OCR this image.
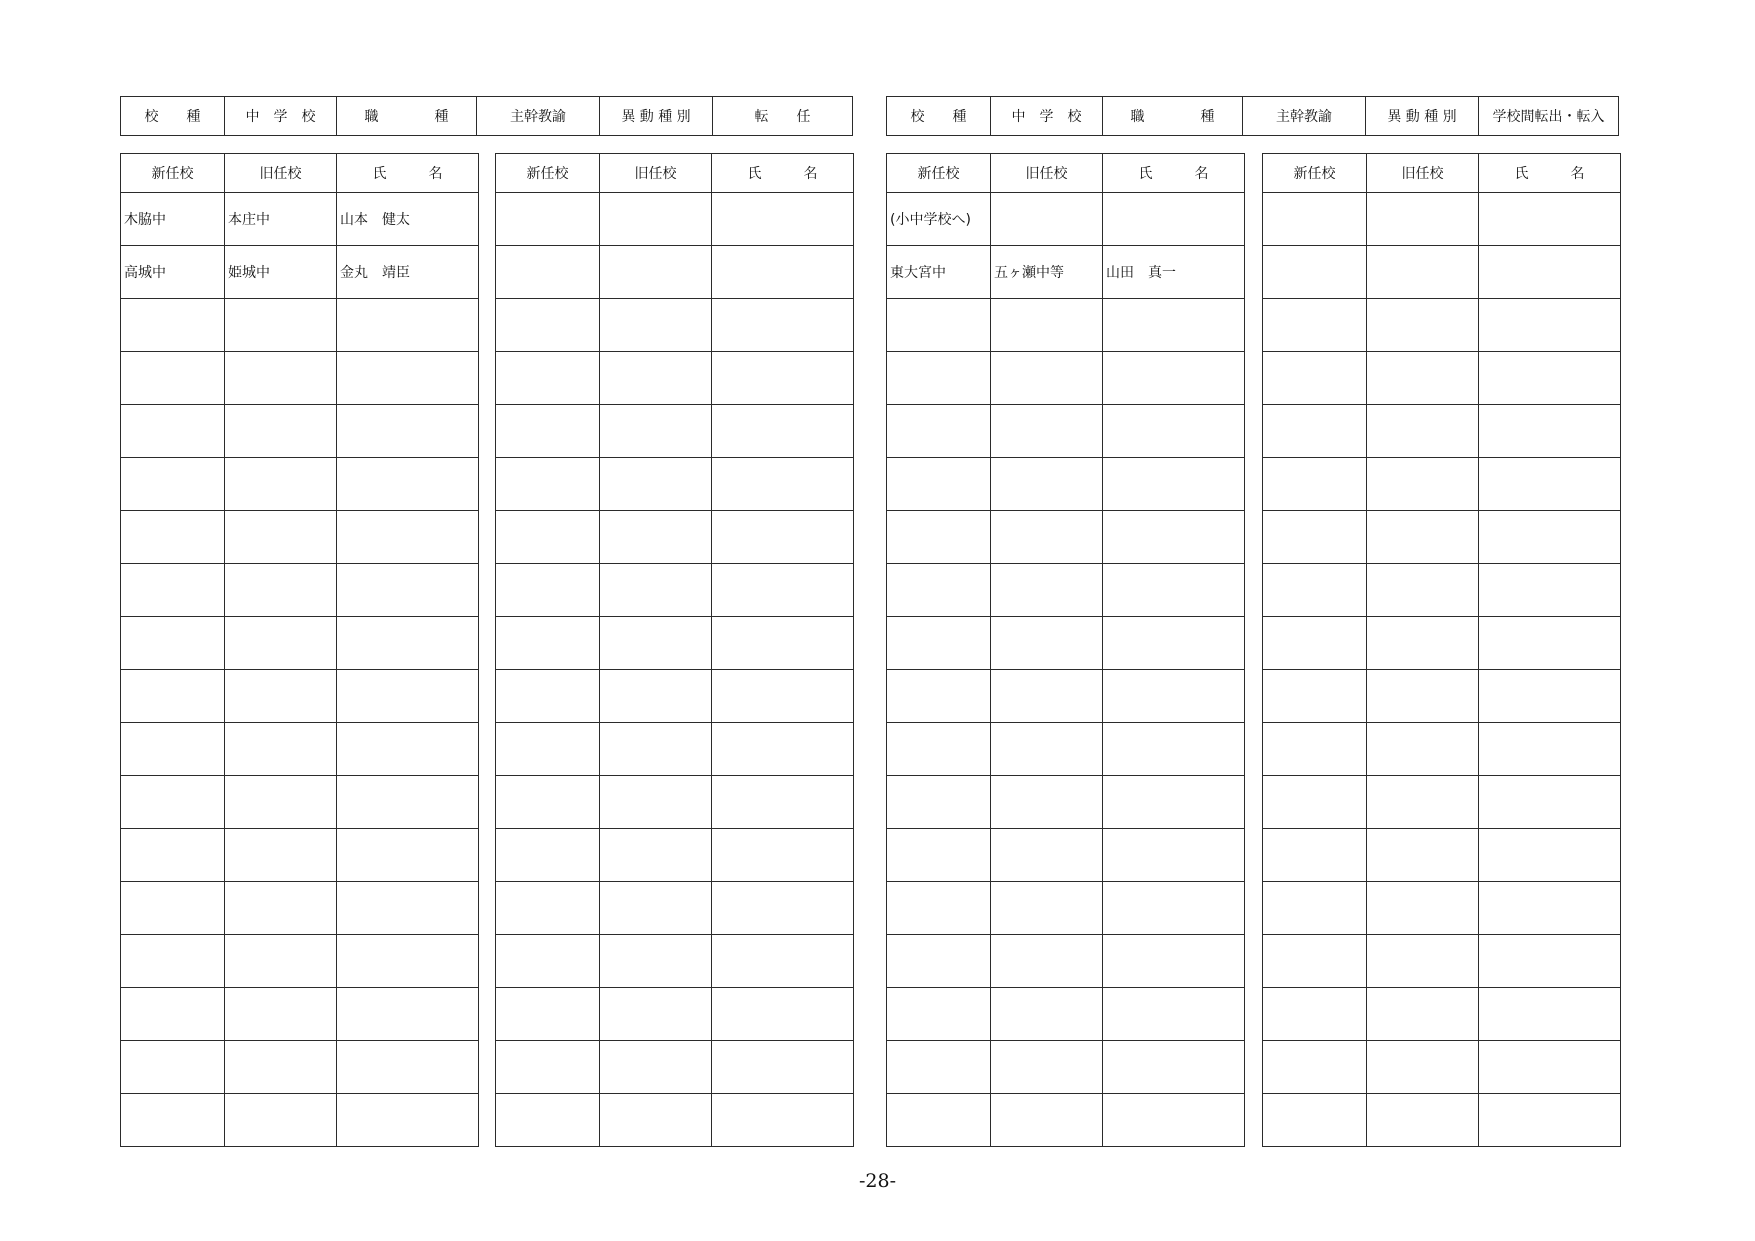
校　　種	中　学　校	職　　　　種	主幹教諭	異 動 種 別	転　　任	校　　種	中　学　校	職　　　　種	主幹教諭	異 動 種 別	学校間転出・転入
新任校	旧任校	氏　　　名
木脇中	本庄中	山本　健太
高城中	姫城中	金丸　靖臣

新任校	旧任校	氏　　　名

			新任校	旧任校	氏　　　名
(小中学校へ)		
東大宮中	五ヶ瀬中等	山田　真一

新任校	旧任校	氏　　　名

-28-
